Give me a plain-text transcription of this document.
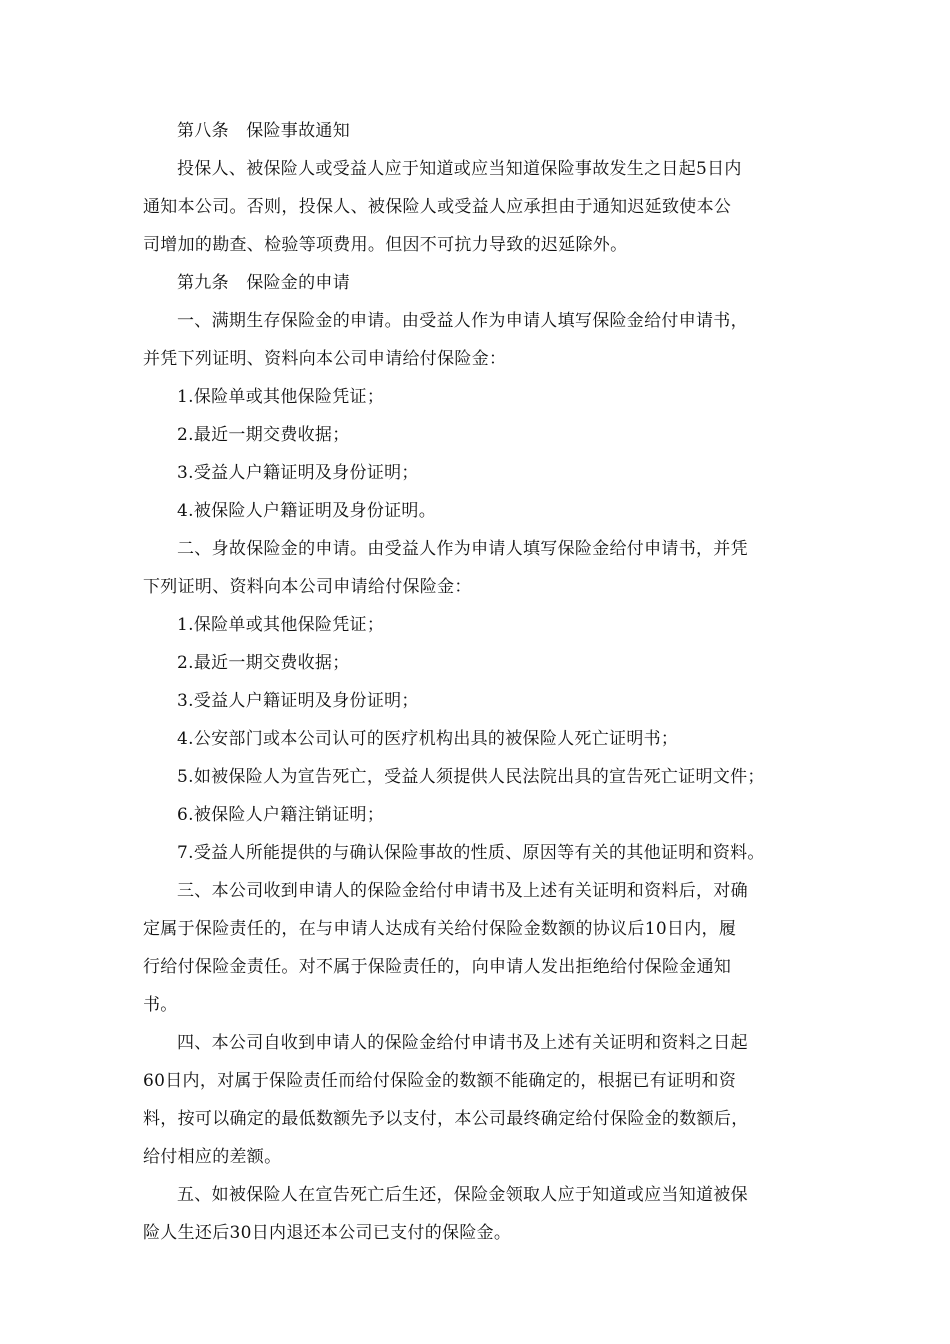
第八条　保险事故通知
投保人、被保险人或受益人应于知道或应当知道保险事故发生之日起5日内
通知本公司。否则，投保人、被保险人或受益人应承担由于通知迟延致使本公
司增加的勘查、检验等项费用。但因不可抗力导致的迟延除外。
第九条　保险金的申请
一、满期生存保险金的申请。由受益人作为申请人填写保险金给付申请书，
并凭下列证明、资料向本公司申请给付保险金：
1.保险单或其他保险凭证；
2.最近一期交费收据；
3.受益人户籍证明及身份证明；
4.被保险人户籍证明及身份证明。
二、身故保险金的申请。由受益人作为申请人填写保险金给付申请书，并凭
下列证明、资料向本公司申请给付保险金：
1.保险单或其他保险凭证；
2.最近一期交费收据；
3.受益人户籍证明及身份证明；
4.公安部门或本公司认可的医疗机构出具的被保险人死亡证明书；
5.如被保险人为宣告死亡，受益人须提供人民法院出具的宣告死亡证明文件；
6.被保险人户籍注销证明；
7.受益人所能提供的与确认保险事故的性质、原因等有关的其他证明和资料。
三、本公司收到申请人的保险金给付申请书及上述有关证明和资料后，对确
定属于保险责任的，在与申请人达成有关给付保险金数额的协议后10日内，履
行给付保险金责任。对不属于保险责任的，向申请人发出拒绝给付保险金通知
书。
四、本公司自收到申请人的保险金给付申请书及上述有关证明和资料之日起
60日内，对属于保险责任而给付保险金的数额不能确定的，根据已有证明和资
料，按可以确定的最低数额先予以支付，本公司最终确定给付保险金的数额后，
给付相应的差额。
五、如被保险人在宣告死亡后生还，保险金领取人应于知道或应当知道被保
险人生还后30日内退还本公司已支付的保险金。
